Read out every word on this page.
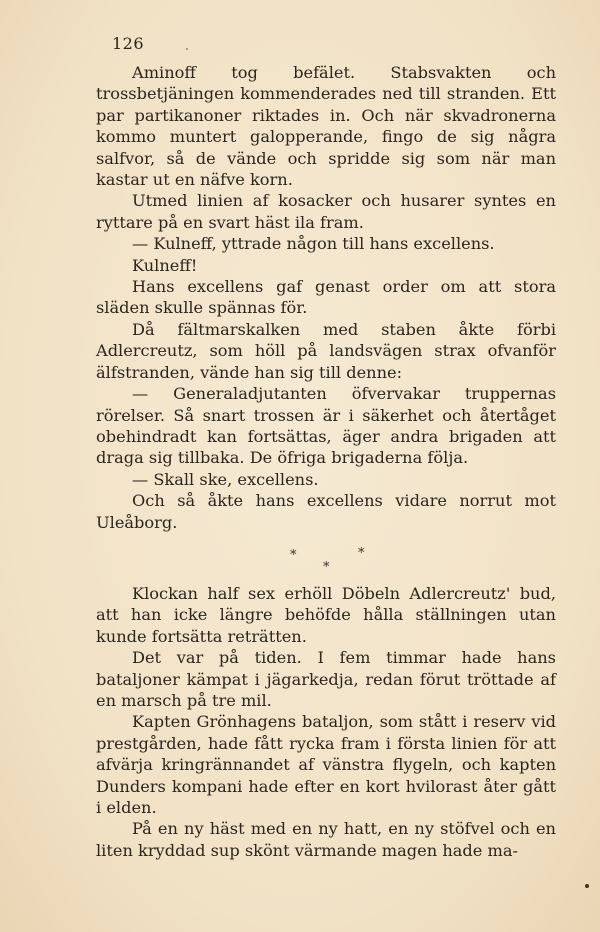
126

Aminoff tog befälet. Stabsvakten och trossbetjäningen kommenderades ned till stranden. Ett par partikanoner riktades in. Och när skvadronerna kommo muntert galopperande, fingo de sig några salfvor, så de vände och spridde sig som när man kastar ut en näfve korn.

Utmed linien af kosacker och husarer syntes en ryttare på en svart häst ila fram.

— Kulneff, yttrade någon till hans excellens.

Kulneff!

Hans excellens gaf genast order om att stora släden skulle spännas för.

Då fältmarskalken med staben åkte förbi Adlercreutz, som höll på landsvägen strax ofvanför älfstranden, vände han sig till denne:

— Generaladjutanten öfvervakar truppernas rörelser. Så snart trossen är i säkerhet och återtåget obehindradt kan fortsättas, äger andra brigaden att draga sig tillbaka. De öfriga brigaderna följa.

— Skall ske, excellens.

Och så åkte hans excellens vidare norrut mot Uleåborg.

*	*
*

Klockan half sex erhöll Döbeln Adlercreutz' bud, att han icke längre behöfde hålla ställningen utan kunde fortsätta reträtten.

Det var på tiden. I fem timmar hade hans bataljoner kämpat i jägarkedja, redan förut tröttade af en marsch på tre mil.

Kapten Grönhagens bataljon, som stått i reserv vid prestgården, hade fått rycka fram i första linien för att afvärja kringrännandet af vänstra flygeln, och kapten Dunders kompani hade efter en kort hvilorast åter gått i elden.

På en ny häst med en ny hatt, en ny stöfvel och en liten kryddad sup skönt värmande magen hade ma-
